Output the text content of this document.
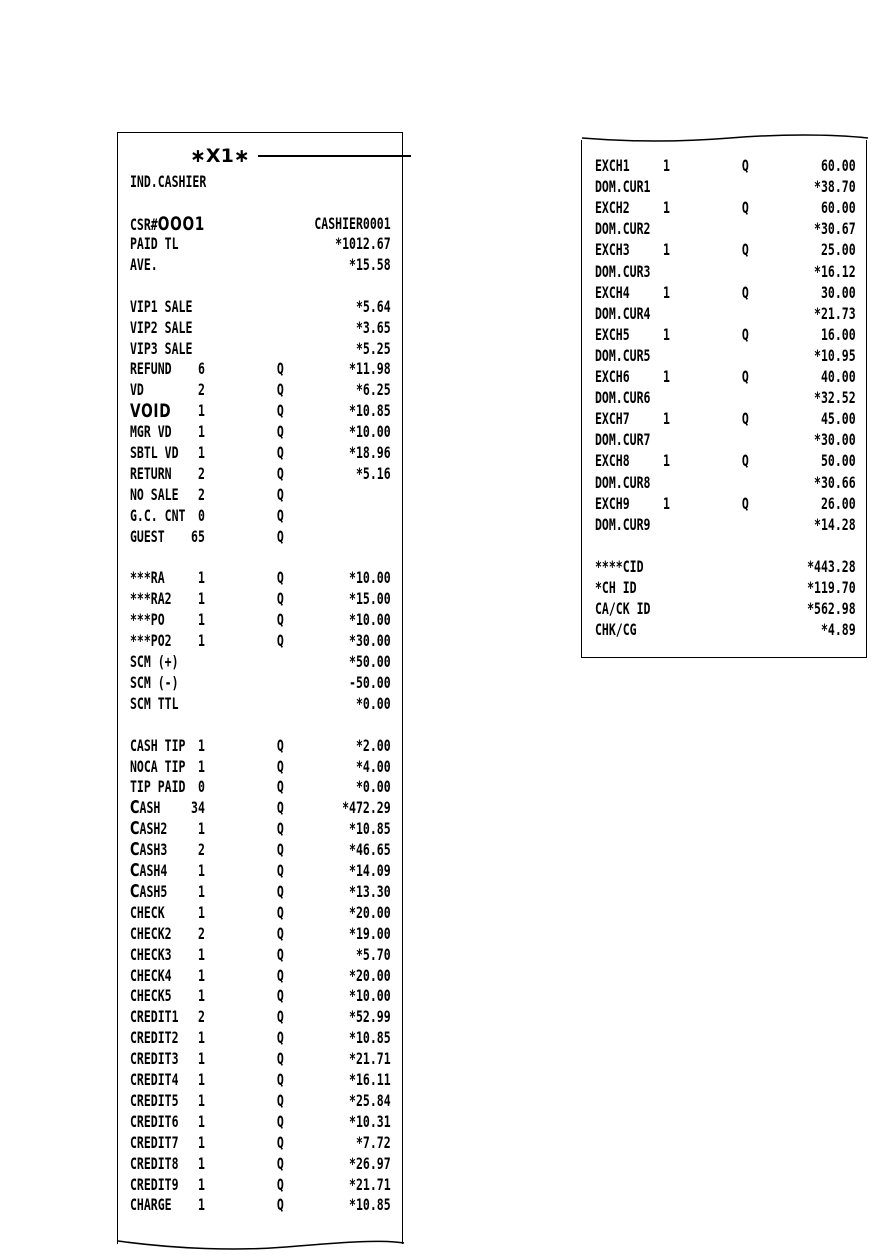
∗X1∗
IND.CASHIER
CSR#OOO1	CASHIER0001
PAID TL	*1012.67
AVE.	*15.58
VIP1 SALE	*5.64
VIP2 SALE	*3.65
VIP3 SALE	*5.25
REFUND 6	Q	*11.98
VD	2	Q	*6.25
VOID 1	Q	*10.85
MGR VD 1	Q	*10.00
SBTL VD 1	Q	*18.96
RETURN 2	Q	*5.16
NO SALE 2	Q
G.C. CNT 0	Q
GUEST 65	Q
***RA 1	Q	*10.00
***RA2 1	Q	*15.00
***PO 1	Q	*10.00
***PO2 1	Q	*30.00
SCM (+)	*50.00
SCM (-)	-50.00
SCM TTL	*0.00
CASH TIP 1	Q	*2.00
NOCA TIP 1	Q	*4.00
TIP PAID 0	Q	*0.00
CASH 34	Q	*472.29
CASH2 1	Q	*10.85
CASH3 2	Q	*46.65
CASH4 1	Q	*14.09
CASH5 1	Q	*13.30
CHECK 1	Q	*20.00
CHECK2 2	Q	*19.00
CHECK3 1	Q	*5.70
CHECK4 1	Q	*20.00
CHECK5 1	Q	*10.00
CREDIT1 2	Q	*52.99
CREDIT2 1	Q	*10.85
CREDIT3 1	Q	*21.71
CREDIT4 1	Q	*16.11
CREDIT5 1	Q	*25.84
CREDIT6 1	Q	*10.31
CREDIT7 1	Q	*7.72
CREDIT8 1	Q	*26.97
CREDIT9 1	Q	*21.71
CHARGE 1	Q	*10.85
EXCH1 1	Q	60.00
DOM.CUR1	*38.70
EXCH2 1	Q	60.00
DOM.CUR2	*30.67
EXCH3 1	Q	25.00
DOM.CUR3	*16.12
EXCH4 1	Q	30.00
DOM.CUR4	*21.73
EXCH5 1	Q	16.00
DOM.CUR5	*10.95
EXCH6 1	Q	40.00
DOM.CUR6	*32.52
EXCH7 1	Q	45.00
DOM.CUR7	*30.00
EXCH8 1	Q	50.00
DOM.CUR8	*30.66
EXCH9 1	Q	26.00
DOM.CUR9	*14.28
****CID	*443.28
*CH ID	*119.70
CA/CK ID	*562.98
CHK/CG	*4.89
